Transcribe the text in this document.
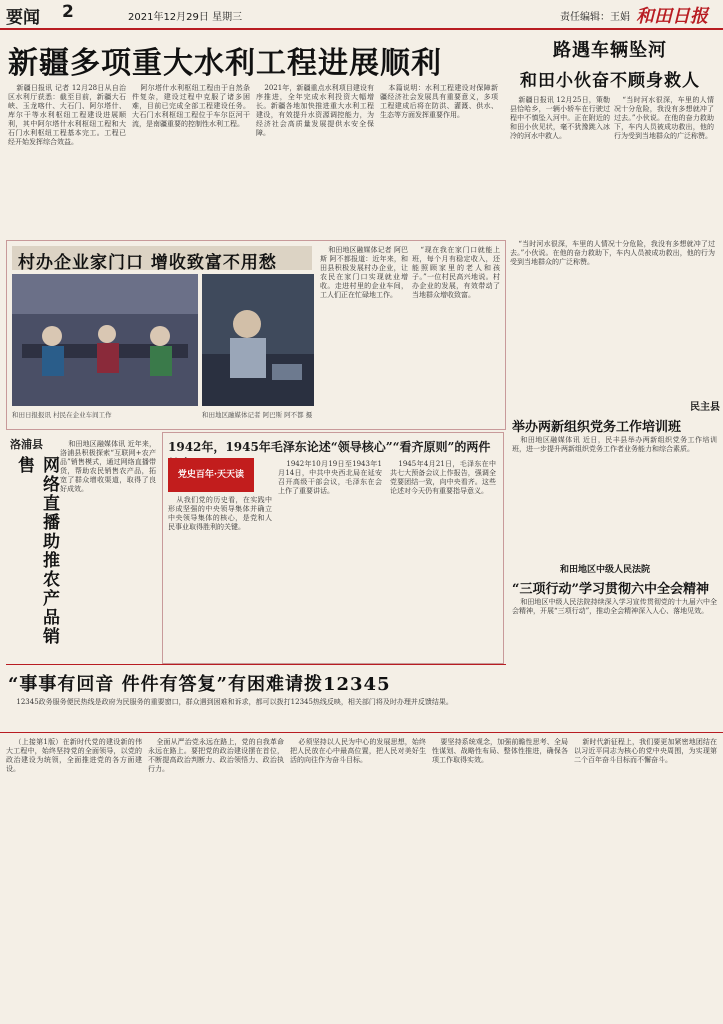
要闻 2	2021年12月29日 星期三	责任编辑：王娟 和田日报
新疆多项重大水利工程进展顺利

新疆日报讯 记者 12月28日从自治区水利厅获悉：截至目前，新疆大石峡、玉龙喀什、大石门、阿尔塔什、库尔干等水利枢纽工程建设进展顺利，其中阿尔塔什水利枢纽工程和大石门水利枢纽工程基本完工。工程已经开始发挥综合效益。

阿尔塔什水利枢纽工程由于自然条件复杂，建设过程中克服了诸多困难，目前已完成全部工程建设任务。大石门水利枢纽工程位于车尔臣河干流，是南疆重要的控制性水利工程。

2021年，新疆重点水利项目建设有序推进，全年完成水利投资大幅增长。新疆各地加快推进重大水利工程建设，有效提升水资源调控能力，为经济社会高质量发展提供水安全保障。

本篇说明：水利工程建设对保障新疆经济社会发展具有重要意义，多项工程建成后将在防洪、灌溉、供水、生态等方面发挥重要作用。

路遇车辆坠河
和田小伙奋不顾身救人

新疆日报讯 12月25日，策勒县恰哈乡，一辆小轿车在行驶过程中不慎坠入河中。正在附近的和田小伙见状，毫不犹豫跳入冰冷的河水中救人。

“当时河水很深，车里的人情况十分危险，我没有多想就冲了过去。”小伙说。在他的奋力救助下，车内人员被成功救出，他的行为受到当地群众的广泛称赞。

村办企业家门口 增收致富不用愁
和田日报报讯 村民在企业车间工作	和田地区融媒体记者 阿巴斯 阿不都 摄

和田地区融媒体记者 阿巴斯 阿不都报道：近年来，和田县积极发展村办企业，让农民在家门口实现就业增收。走进村里的企业车间，工人们正在忙碌地工作。

“现在我在家门口就能上班，每个月有稳定收入，还能照顾家里的老人和孩子。”一位村民高兴地说。村办企业的发展，有效带动了当地群众增收致富。

“当时河水很深，车里的人情况十分危险，我没有多想就冲了过去。”小伙说。在他的奋力救助下，车内人员被成功救出，他的行为受到当地群众的广泛称赞。

洛浦县
网络直播助推农产品销售

和田地区融媒体讯 近年来，洛浦县积极探索“互联网+农产品”销售模式，通过网络直播带货，帮助农民销售农产品，拓宽了群众增收渠道，取得了良好成效。

1942年，1945年毛泽东论述“领导核心”“看齐原则”的两件
党史百年·天天读

从我们党的历史看，在实践中形成坚强的中央领导集体并确立中央领导集体的核心，是党和人民事业取得胜利的关键。

1942年10月19日至1943年1月14日，中共中央西北局在延安召开高级干部会议，毛泽东在会上作了重要讲话。

1945年4月21日，毛泽东在中共七大预备会议上作报告，强调全党要团结一致，向中央看齐。这些论述对今天仍有重要指导意义。

民主县
举办两新组织党务工作培训班

和田地区融媒体讯 近日，民丰县举办两新组织党务工作培训班，进一步提升两新组织党务工作者业务能力和综合素质。

和田地区中级人民法院
“三项行动”学习贯彻六中全会精神

和田地区中级人民法院持续深入学习宣传贯彻党的十九届六中全会精神，开展“三项行动”，推动全会精神深入人心、落地见效。

“事事有回音 件件有答复”有困难请拨12345

12345政务服务便民热线是政府为民服务的重要窗口，群众遇到困难和诉求，都可以拨打12345热线反映，相关部门将及时办理并反馈结果。

（上接第1版）在新时代党的建设新的伟大工程中，始终坚持党的全面领导，以党的政治建设为统领，全面推进党的各方面建设。

全面从严治党永远在路上，党的自我革命永远在路上。要把党的政治建设摆在首位，不断提高政治判断力、政治领悟力、政治执行力。

必须坚持以人民为中心的发展思想，始终把人民放在心中最高位置，把人民对美好生活的向往作为奋斗目标。

要坚持系统观念，加强前瞻性思考、全局性谋划、战略性布局、整体性推进，确保各项工作取得实效。

新时代新征程上，我们要更加紧密地团结在以习近平同志为核心的党中央周围，为实现第二个百年奋斗目标而不懈奋斗。
